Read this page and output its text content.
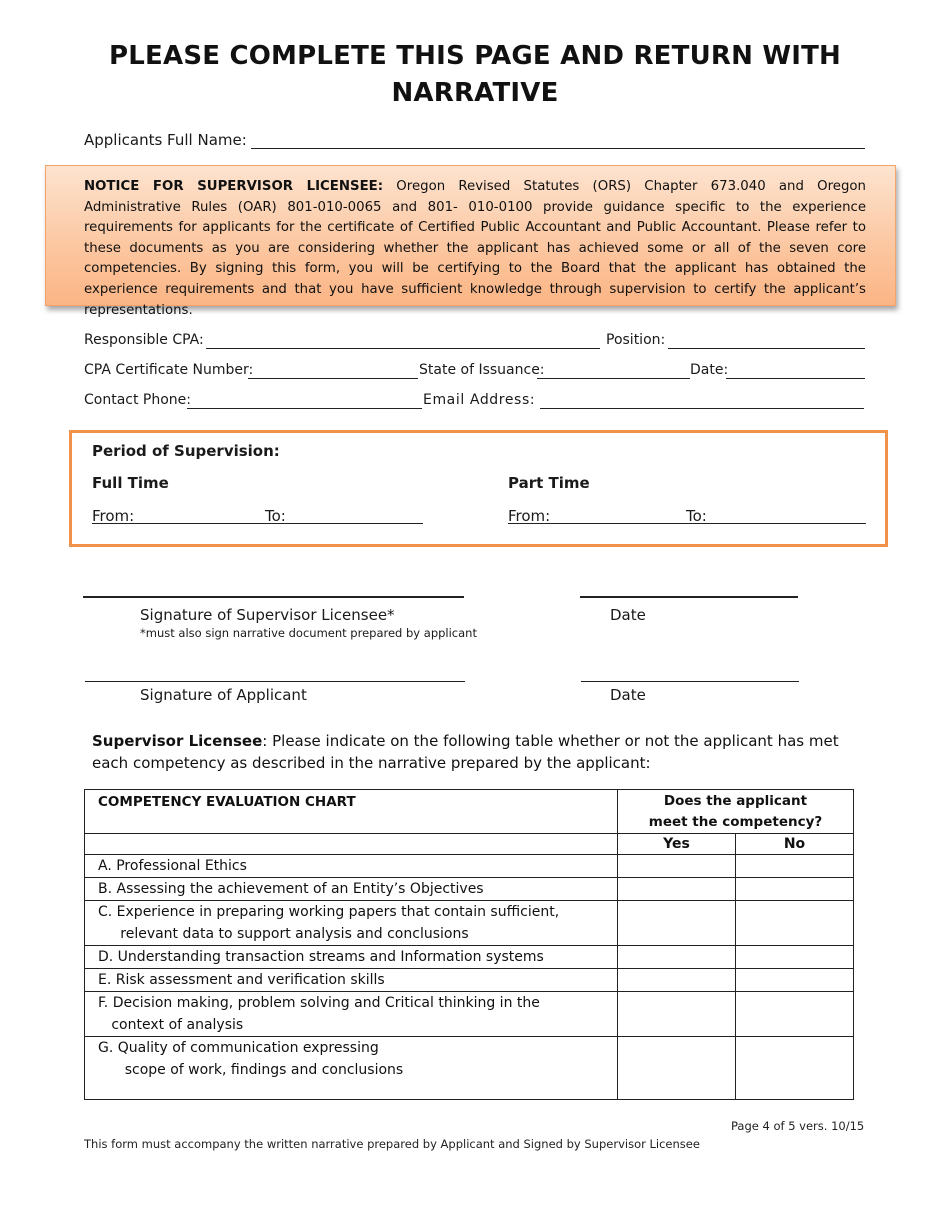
PLEASE COMPLETE THIS PAGE AND RETURN WITH
NARRATIVE
Applicants Full Name:
NOTICE FOR SUPERVISOR LICENSEE: Oregon Revised Statutes (ORS) Chapter 673.040 and Oregon Administrative Rules (OAR) 801-010-0065 and 801- 010-0100 provide guidance specific to the experience requirements for applicants for the certificate of Certified Public Accountant and Public Accountant. Please refer to these documents as you are considering whether the applicant has achieved some or all of the seven core competencies. By signing this form, you will be certifying to the Board that the applicant has obtained the experience requirements and that you have sufficient knowledge through supervision to certify the applicant’s representations.
Responsible CPA:	Position:
CPA Certificate Number:	State of Issuance:	Date:
Contact Phone:	Email Address:
Period of Supervision:
Full Time	Part Time
From:	To:	From:	To:
Signature of Supervisor Licensee*	Date
*must also sign narrative document prepared by applicant
Signature of Applicant	Date
Supervisor Licensee: Please indicate on the following table whether or not the applicant has met each competency as described in the narrative prepared by the applicant:
COMPETENCY EVALUATION CHART	Does the applicant
meet the competency?	

	Yes	No
A. Professional Ethics		
B. Assessing the achievement of an Entity’s Objectives		

C. Experience in preparing working papers that contain sufficient,
relevant data to support analysis and conclusions		

D. Understanding transaction streams and Information systems		
E. Risk assessment and verification skills		

F. Decision making, problem solving and Critical thinking in the
context of analysis		

G. Quality of communication expressing
scope of work, findings and conclusions		

Page 4 of 5 vers. 10/15
This form must accompany the written narrative prepared by Applicant and Signed by Supervisor Licensee
